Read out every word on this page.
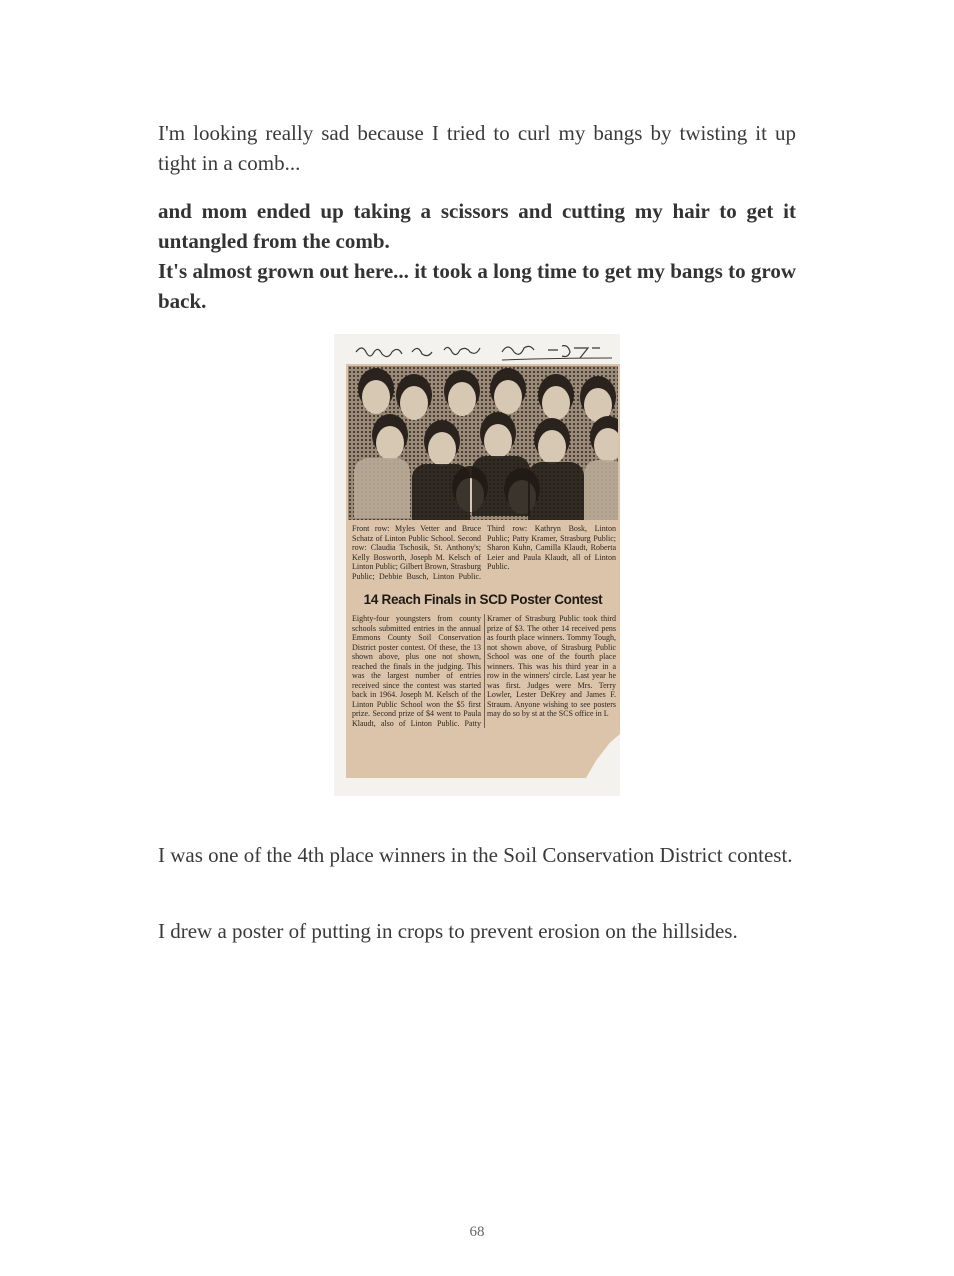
I'm looking really sad because I tried to curl my bangs by twisting it up tight in a comb...

and mom ended up taking a scissors and cutting my hair to get it untangled from the comb.
It's almost grown out here... it took a long time to get my bangs to grow back.
Front row: Myles Vetter and Bruce Schatz of Linton Public School. Second row: Claudia Tschosik, St. Anthony's; Kelly Bosworth, Joseph M. Kelsch of Linton Public; Gilbert Brown, Strasburg Public; Debbie Busch, Linton Public. Third row: Kathryn Bosk, Linton Public; Patty Kramer, Strasburg Public; Sharon Kuhn, Camilla Klaudt, Roberta Leier and Paula Klaudt, all of Linton Public.
14 Reach Finals in SCD Poster Contest
Eighty-four youngsters from county schools submitted entries in the annual Emmons County Soil Conservation District poster contest. Of these, the 13 shown above, plus one not shown, reached the finals in the judging. This was the largest number of entries received since the contest was started back in 1964. Joseph M. Kelsch of the Linton Public School won the $5 first prize. Second prize of $4 went to Paula Klaudt, also of Linton Public. Patty Kramer of Strasburg Public took third prize of $3. The other 14 received pens as fourth place winners. Tommy Tough, not shown above, of Strasburg Public School was one of the fourth place winners. This was his third year in a row in the winners' circle. Last year he was first. Judges were Mrs. Terry Lowler, Lester DeKrey and James F. Straum. Anyone wishing to see posters may do so by st at the SCS office in L

I was one of the 4th place winners in the Soil Conservation District contest.

I drew a poster of putting in crops to prevent erosion on the hillsides.

68
